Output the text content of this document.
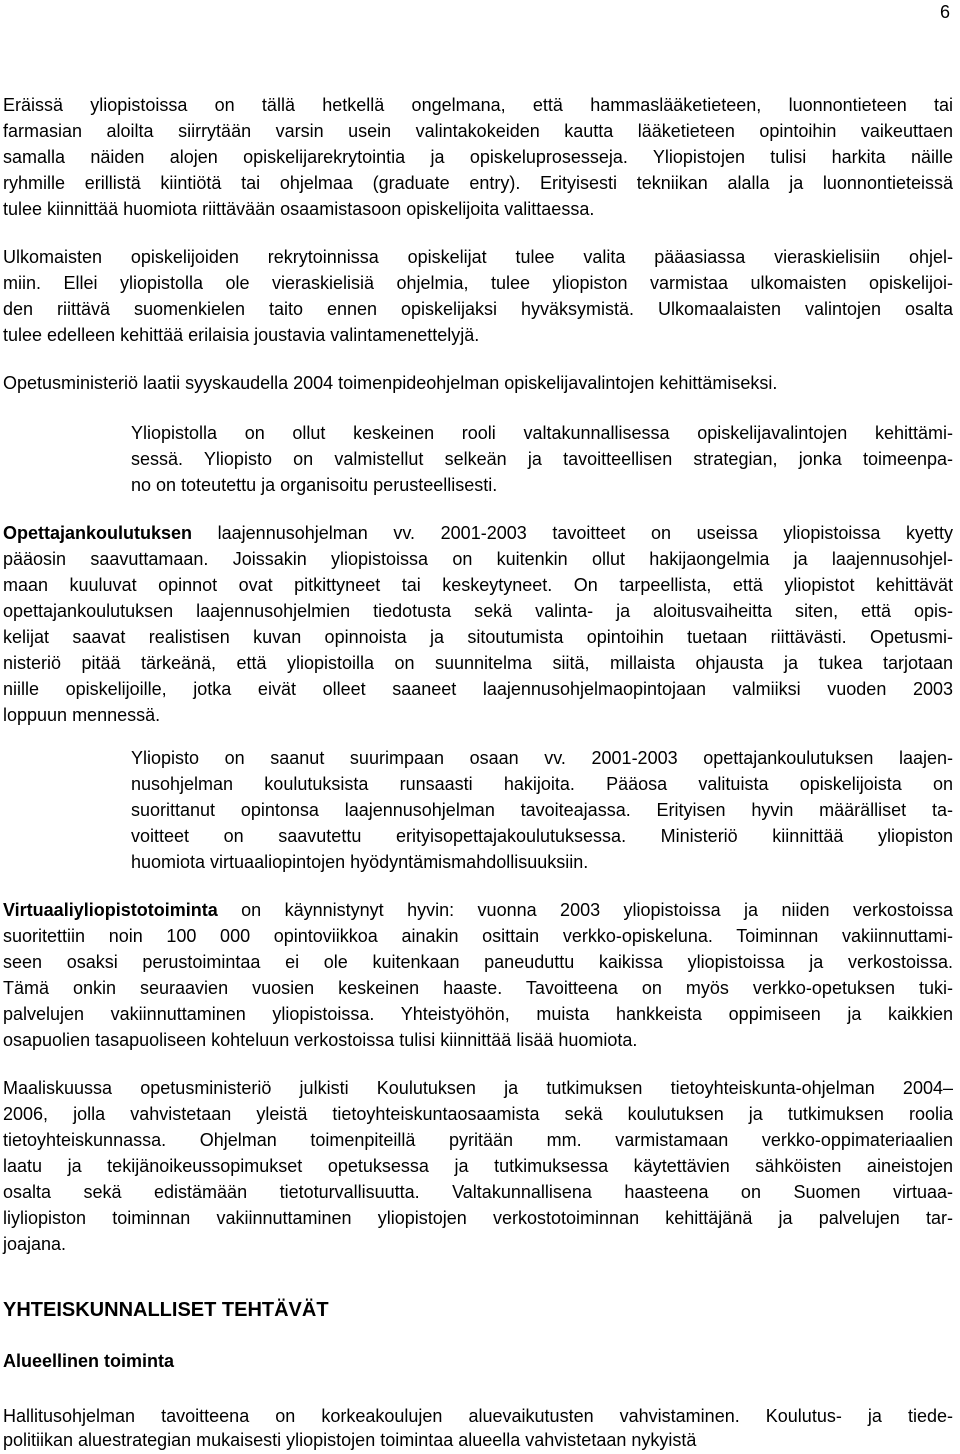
6
Eräissä yliopistoissa on tällä hetkellä ongelmana, että hammaslääketieteen, luonnontieteen tai
farmasian aloilta siirrytään varsin usein valintakokeiden kautta lääketieteen opintoihin vaikeuttaen
samalla näiden alojen opiskelijarekrytointia ja opiskeluprosesseja. Yliopistojen tulisi harkita näille
ryhmille erillistä kiintiötä tai ohjelmaa (graduate entry). Erityisesti tekniikan alalla ja luonnontieteissä
tulee kiinnittää huomiota riittävään osaamistasoon opiskelijoita valittaessa.
Ulkomaisten opiskelijoiden rekrytoinnissa opiskelijat tulee valita pääasiassa vieraskielisiin ohjel-
miin. Ellei yliopistolla ole vieraskielisiä ohjelmia, tulee yliopiston varmistaa ulkomaisten opiskelijoi-
den riittävä suomenkielen taito ennen opiskelijaksi hyväksymistä. Ulkomaalaisten valintojen osalta
tulee edelleen kehittää erilaisia joustavia valintamenettelyjä.
Opetusministeriö laatii syyskaudella 2004 toimenpideohjelman opiskelijavalintojen kehittämiseksi.
Yliopistolla on ollut keskeinen rooli valtakunnallisessa opiskelijavalintojen kehittämi-
sessä. Yliopisto on valmistellut selkeän ja tavoitteellisen strategian, jonka toimeenpa-
no on toteutettu ja organisoitu perusteellisesti.
Opettajankoulutuksen laajennusohjelman vv. 2001-2003 tavoitteet on useissa yliopistoissa kyetty
pääosin saavuttamaan. Joissakin yliopistoissa on kuitenkin ollut hakijaongelmia ja laajennusohjel-
maan kuuluvat opinnot ovat pitkittyneet tai keskeytyneet. On tarpeellista, että yliopistot kehittävät
opettajankoulutuksen laajennusohjelmien tiedotusta sekä valinta- ja aloitusvaiheitta siten, että opis-
kelijat saavat realistisen kuvan opinnoista ja sitoutumista opintoihin tuetaan riittävästi. Opetusmi-
nisteriö pitää tärkeänä, että yliopistoilla on suunnitelma siitä, millaista ohjausta ja tukea tarjotaan
niille opiskelijoille, jotka eivät olleet saaneet laajennusohjelmaopintojaan valmiiksi vuoden 2003
loppuun mennessä.
Yliopisto on saanut suurimpaan osaan vv. 2001-2003 opettajankoulutuksen laajen-
nusohjelman koulutuksista runsaasti hakijoita. Pääosa valituista opiskelijoista on
suorittanut opintonsa laajennusohjelman tavoiteajassa. Erityisen hyvin määrälliset ta-
voitteet on saavutettu erityisopettajakoulutuksessa. Ministeriö kiinnittää yliopiston
huomiota virtuaaliopintojen hyödyntämismahdollisuuksiin.
Virtuaaliyliopistotoiminta on käynnistynyt hyvin: vuonna 2003 yliopistoissa ja niiden verkostoissa
suoritettiin noin 100 000 opintoviikkoa ainakin osittain verkko-opiskeluna. Toiminnan vakiinnuttami-
seen osaksi perustoimintaa ei ole kuitenkaan paneuduttu kaikissa yliopistoissa ja verkostoissa.
Tämä onkin seuraavien vuosien keskeinen haaste. Tavoitteena on myös verkko-opetuksen tuki-
palvelujen vakiinnuttaminen yliopistoissa. Yhteistyöhön, muista hankkeista oppimiseen ja kaikkien
osapuolien tasapuoliseen kohteluun verkostoissa tulisi kiinnittää lisää huomiota.
Maaliskuussa opetusministeriö julkisti Koulutuksen ja tutkimuksen tietoyhteiskunta-ohjelman 2004–
2006, jolla vahvistetaan yleistä tietoyhteiskuntaosaamista sekä koulutuksen ja tutkimuksen roolia
tietoyhteiskunnassa. Ohjelman toimenpiteillä pyritään mm. varmistamaan verkko-oppimateriaalien
laatu ja tekijänoikeussopimukset opetuksessa ja tutkimuksessa käytettävien sähköisten aineistojen
osalta sekä edistämään tietoturvallisuutta. Valtakunnallisena haasteena on Suomen virtuaa-
liyliopiston toiminnan vakiinnuttaminen yliopistojen verkostotoiminnan kehittäjänä ja palvelujen tar-
joajana.
YHTEISKUNNALLISET TEHTÄVÄT
Alueellinen toiminta
Hallitusohjelman tavoitteena on korkeakoulujen aluevaikutusten vahvistaminen. Koulutus- ja tiede-
politiikan aluestrategian mukaisesti yliopistojen toimintaa alueella vahvistetaan nykyistä
